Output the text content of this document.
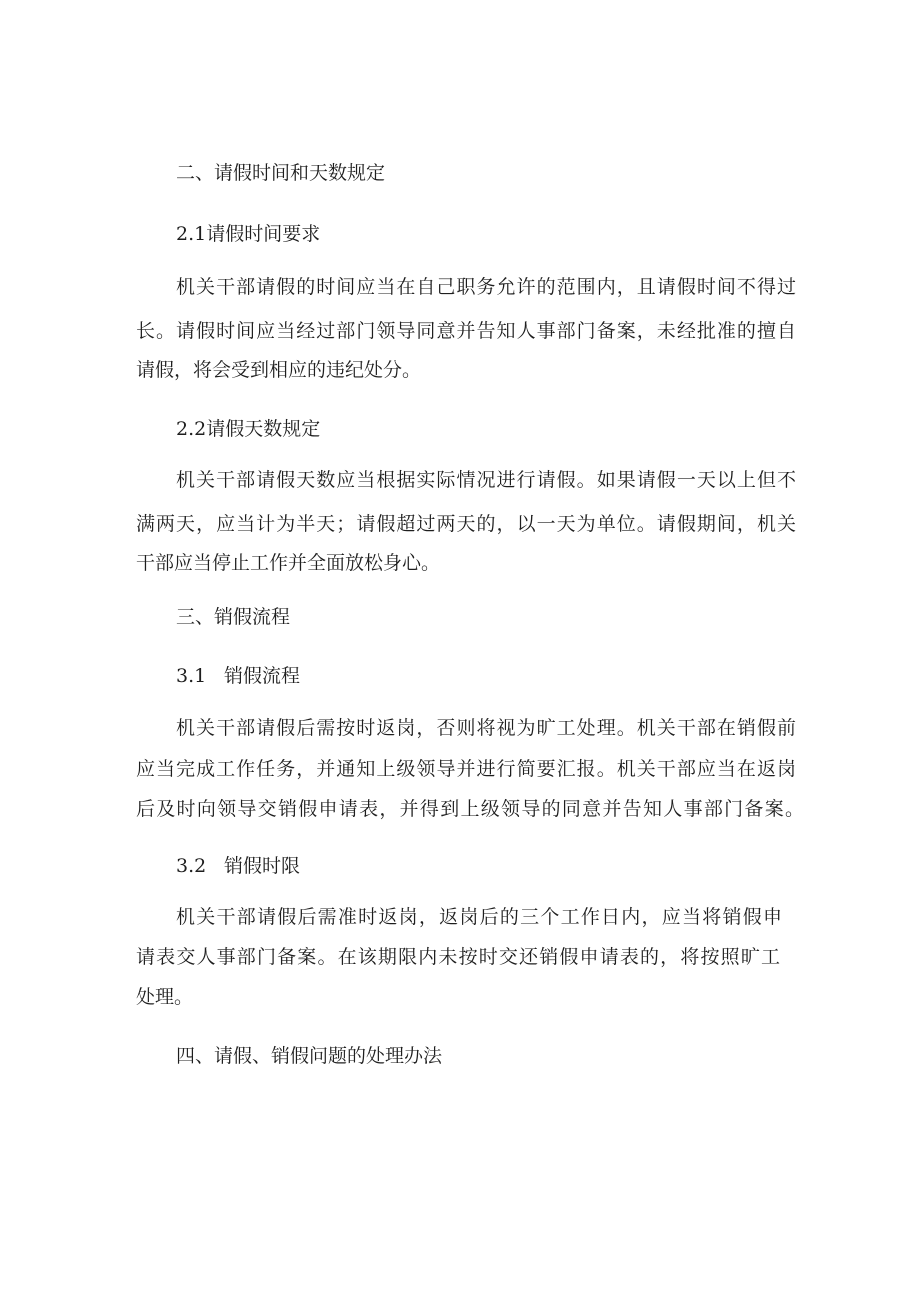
二、请假时间和天数规定

2.1请假时间要求

机关干部请假的时间应当在自己职务允许的范围内，且请假时间不得过

长。请假时间应当经过部门领导同意并告知人事部门备案，未经批准的擅自

请假，将会受到相应的违纪处分。

2.2请假天数规定

机关干部请假天数应当根据实际情况进行请假。如果请假一天以上但不

满两天，应当计为半天；请假超过两天的，以一天为单位。请假期间，机关

干部应当停止工作并全面放松身心。

三、销假流程

3.1 销假流程

机关干部请假后需按时返岗，否则将视为旷工处理。机关干部在销假前

应当完成工作任务，并通知上级领导并进行简要汇报。机关干部应当在返岗

后及时向领导交销假申请表，并得到上级领导的同意并告知人事部门备案。

3.2 销假时限

机关干部请假后需准时返岗，返岗后的三个工作日内，应当将销假申

请表交人事部门备案。在该期限内未按时交还销假申请表的，将按照旷工

处理。

四、请假、销假问题的处理办法
